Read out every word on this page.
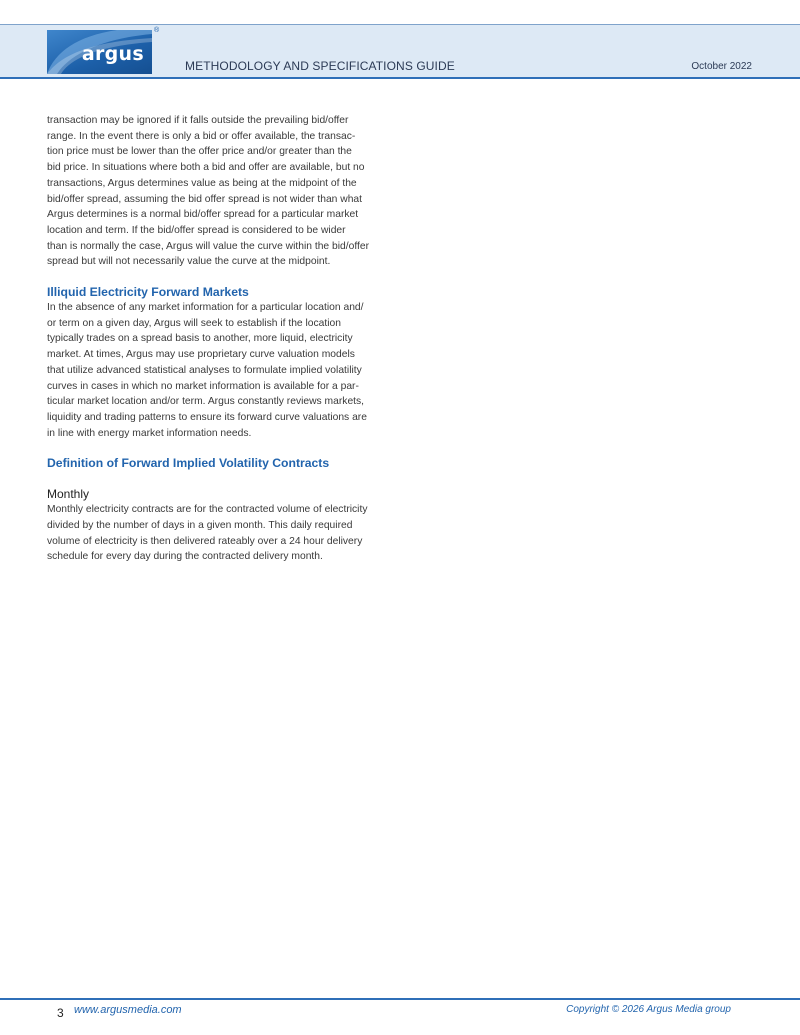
argus
®
METHODOLOGY AND SPECIFICATIONS GUIDE	October 2022

transaction may be ignored if it falls outside the prevailing bid/offer
range. In the event there is only a bid or offer available, the transac-
tion price must be lower than the offer price and/or greater than the
bid price. In situations where both a bid and offer are available, but no
transactions, Argus determines value as being at the midpoint of the
bid/offer spread, assuming the bid offer spread is not wider than what
Argus determines is a normal bid/offer spread for a particular market
location and term. If the bid/offer spread is considered to be wider
than is normally the case, Argus will value the curve within the bid/offer
spread but will not necessarily value the curve at the midpoint.

Illiquid Electricity Forward Markets

In the absence of any market information for a particular location and/
or term on a given day, Argus will seek to establish if the location
typically trades on a spread basis to another, more liquid, electricity
market. At times, Argus may use proprietary curve valuation models
that utilize advanced statistical analyses to formulate implied volatility
curves in cases in which no market information is available for a par-
ticular market location and/or term. Argus constantly reviews markets,
liquidity and trading patterns to ensure its forward curve valuations are
in line with energy market information needs.

Definition of Forward Implied Volatility Contracts
Monthly

Monthly electricity contracts are for the contracted volume of electricity
divided by the number of days in a given month. This daily required
volume of electricity is then delivered rateably over a 24 hour delivery
schedule for every day during the contracted delivery month.

3 www.argusmedia.com	Copyright © 2026 Argus Media group
